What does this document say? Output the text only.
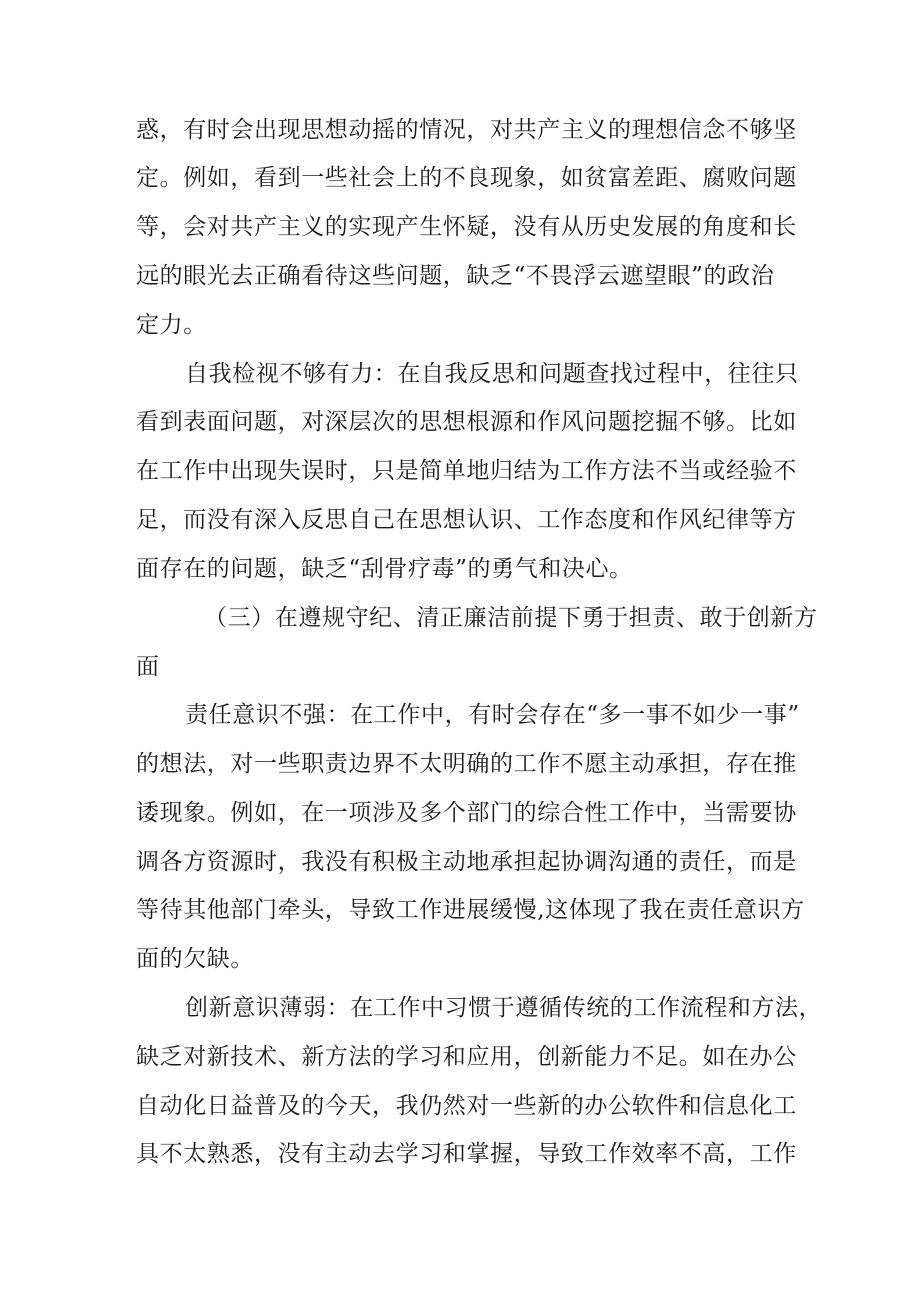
惑，有时会出现思想动摇的情况，对共产主义的理想信念不够坚
定。例如，看到一些社会上的不良现象，如贫富差距、腐败问题
等，会对共产主义的实现产生怀疑，没有从历史发展的角度和长
远的眼光去正确看待这些问题，缺乏“不畏浮云遮望眼”的政治
定力。
自我检视不够有力：在自我反思和问题查找过程中，往往只
看到表面问题，对深层次的思想根源和作风问题挖掘不够。比如
在工作中出现失误时，只是简单地归结为工作方法不当或经验不
足，而没有深入反思自己在思想认识、工作态度和作风纪律等方
面存在的问题，缺乏“刮骨疗毒”的勇气和决心。
（三）在遵规守纪、清正廉洁前提下勇于担责、敢于创新方
面
责任意识不强：在工作中，有时会存在“多一事不如少一事”
的想法，对一些职责边界不太明确的工作不愿主动承担，存在推
诿现象。例如，在一项涉及多个部门的综合性工作中，当需要协
调各方资源时，我没有积极主动地承担起协调沟通的责任，而是
等待其他部门牵头，导致工作进展缓慢,这体现了我在责任意识方
面的欠缺。
创新意识薄弱：在工作中习惯于遵循传统的工作流程和方法，
缺乏对新技术、新方法的学习和应用，创新能力不足。如在办公
自动化日益普及的今天，我仍然对一些新的办公软件和信息化工
具不太熟悉，没有主动去学习和掌握，导致工作效率不高，工作
